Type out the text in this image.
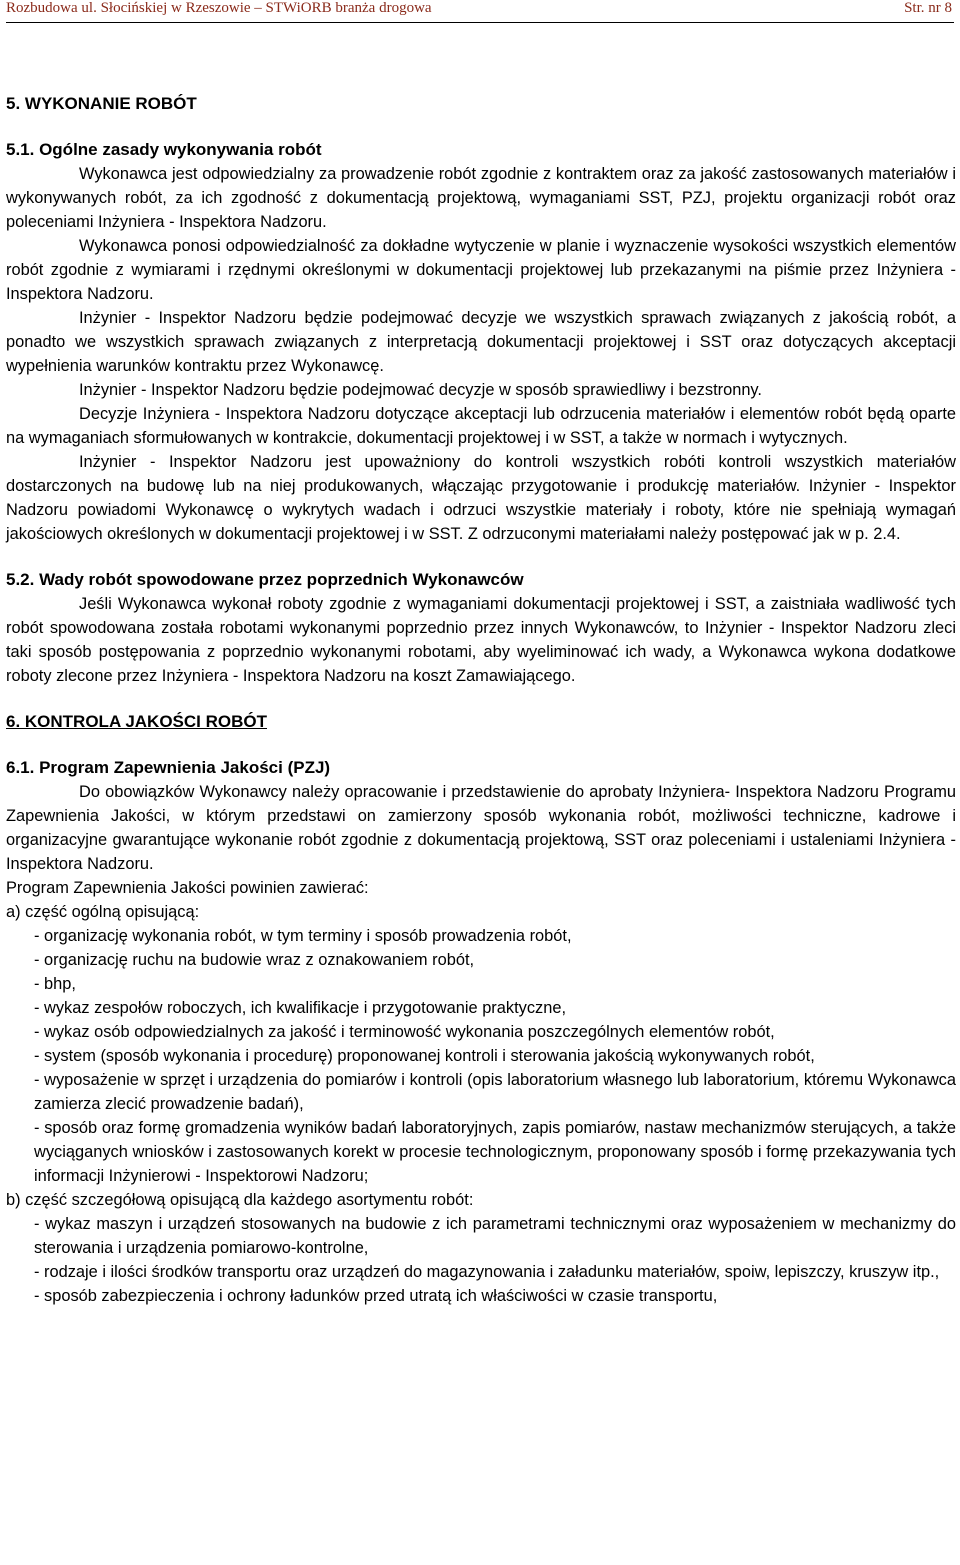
Rozbudowa ul. Słocińskiej w Rzeszowie – STWiORB branża drogowa	Str. nr 8

5. WYKONANIE ROBÓT

5.1. Ogólne zasady wykonywania robót

Wykonawca jest odpowiedzialny za prowadzenie robót zgodnie z kontraktem oraz za jakość zastosowanych materiałów i wykonywanych robót, za ich zgodność z dokumentacją projektową, wymaganiami SST, PZJ, projektu organizacji robót oraz poleceniami Inżyniera - Inspektora Nadzoru.

Wykonawca ponosi odpowiedzialność za dokładne wytyczenie w planie i wyznaczenie wysokości wszystkich elementów robót zgodnie z wymiarami i rzędnymi określonymi w dokumentacji projektowej lub przekazanymi na piśmie przez Inżyniera - Inspektora Nadzoru.

Inżynier - Inspektor Nadzoru będzie podejmować decyzje we wszystkich sprawach związanych z jakością robót, a ponadto we wszystkich sprawach związanych z interpretacją dokumentacji projektowej i SST oraz dotyczących akceptacji wypełnienia warunków kontraktu przez Wykonawcę.

Inżynier - Inspektor Nadzoru będzie podejmować decyzje w sposób sprawiedliwy i bezstronny.

Decyzje Inżyniera - Inspektora Nadzoru dotyczące akceptacji lub odrzucenia materiałów i elementów robót będą oparte na wymaganiach sformułowanych w kontrakcie, dokumentacji projektowej i w SST, a także w normach i wytycznych.

Inżynier - Inspektor Nadzoru jest upoważniony do kontroli wszystkich robóti kontroli wszystkich materiałów dostarczonych na budowę lub na niej produkowanych, włączając przygotowanie i produkcję materiałów. Inżynier - Inspektor Nadzoru powiadomi Wykonawcę o wykrytych wadach i odrzuci wszystkie materiały i roboty, które nie spełniają wymagań jakościowych określonych w dokumentacji projektowej i w SST. Z odrzuconymi materiałami należy postępować jak w p. 2.4.

5.2. Wady robót spowodowane przez poprzednich Wykonawców

Jeśli Wykonawca wykonał roboty zgodnie z wymaganiami dokumentacji projektowej i SST, a zaistniała wadliwość tych robót spowodowana została robotami wykonanymi poprzednio przez innych Wykonawców, to Inżynier - Inspektor Nadzoru zleci taki sposób postępowania z poprzednio wykonanymi robotami, aby wyeliminować ich wady, a Wykonawca wykona dodatkowe roboty zlecone przez Inżyniera - Inspektora Nadzoru na koszt Zamawiającego.

6. KONTROLA JAKOŚCI ROBÓT

6.1. Program Zapewnienia Jakości (PZJ)

Do obowiązków Wykonawcy należy opracowanie i przedstawienie do aprobaty Inżyniera- Inspektora Nadzoru Programu Zapewnienia Jakości, w którym przedstawi on zamierzony sposób wykonania robót, możliwości techniczne, kadrowe i organizacyjne gwarantujące wykonanie robót zgodnie z dokumentacją projektową, SST oraz poleceniami i ustaleniami Inżyniera - Inspektora Nadzoru.

Program Zapewnienia Jakości powinien zawierać:

a) część ogólną opisującą:

- organizację wykonania robót, w tym terminy i sposób prowadzenia robót,

- organizację ruchu na budowie wraz z oznakowaniem robót,

- bhp,

- wykaz zespołów roboczych, ich kwalifikacje i przygotowanie praktyczne,

- wykaz osób odpowiedzialnych za jakość i terminowość wykonania poszczególnych elementów robót,

- system (sposób wykonania i procedurę) proponowanej kontroli i sterowania jakością wykonywanych robót,

- wyposażenie w sprzęt i urządzenia do pomiarów i kontroli (opis laboratorium własnego lub laboratorium, któremu Wykonawca zamierza zlecić prowadzenie badań),

- sposób oraz formę gromadzenia wyników badań laboratoryjnych, zapis pomiarów, nastaw mechanizmów sterujących, a także wyciąganych wniosków i zastosowanych korekt w procesie technologicznym, proponowany sposób i formę przekazywania tych informacji Inżynierowi - Inspektorowi Nadzoru;

b) część szczegółową opisującą dla każdego asortymentu robót:

- wykaz maszyn i urządzeń stosowanych na budowie z ich parametrami technicznymi oraz wyposażeniem w mechanizmy do sterowania i urządzenia pomiarowo-kontrolne,

- rodzaje i ilości środków transportu oraz urządzeń do magazynowania i załadunku materiałów, spoiw, lepiszczy, kruszyw itp.,

- sposób zabezpieczenia i ochrony ładunków przed utratą ich właściwości w czasie transportu,
